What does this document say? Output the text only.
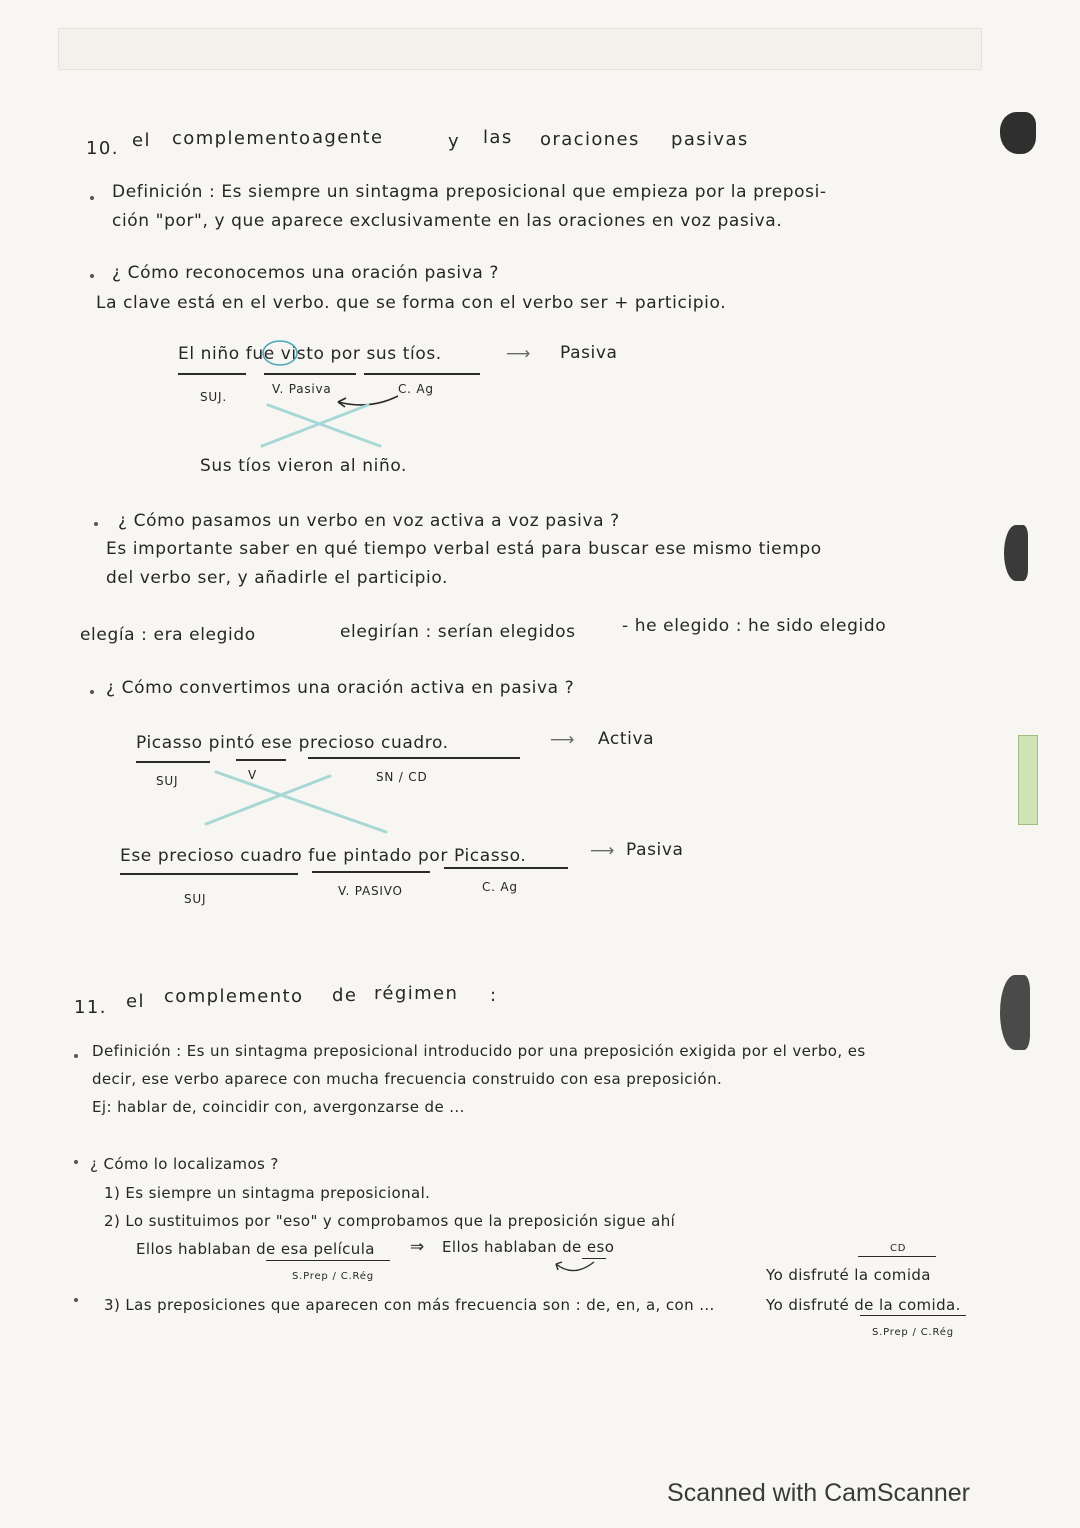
10. el complemento agente	y las oraciones pasivas
Definición : Es siempre un sintagma preposicional que empieza por la preposi-
ción "por", y que aparece exclusivamente en las oraciones en voz pasiva.
¿ Cómo reconocemos una oración pasiva ?
La clave está en el verbo. que se forma con el verbo ser + participio.
El niño fue visto por sus tíos.	⟶ Pasiva
SUJ.
V. Pasiva	C. Ag
Sus tíos vieron al niño.
¿ Cómo pasamos un verbo en voz activa a voz pasiva ?
Es importante saber en qué tiempo verbal está para buscar ese mismo tiempo
del verbo ser, y añadirle el participio.
elegía : era elegido	elegirían : serían elegidos	- he elegido : he sido elegido
¿ Cómo convertimos una oración activa en pasiva ?
Picasso pintó ese precioso cuadro.	⟶ Activa
SUJ	V	SN / CD
Ese precioso cuadro fue pintado por Picasso.	⟶ Pasiva
SUJ
V. PASIVO	C. Ag
11. el complemento de régimen :
Definición : Es un sintagma preposicional introducido por una preposición exigida por el verbo, es
decir, ese verbo aparece con mucha frecuencia construido con esa preposición.
Ej: hablar de, coincidir con, avergonzarse de ...
¿ Cómo lo localizamos ?
1) Es siempre un sintagma preposicional.
2) Lo sustituimos por "eso" y comprobamos que la preposición sigue ahí
Ellos hablaban de esa película ⇒ Ellos hablaban de eso
S.Prep / C.Rég
3) Las preposiciones que aparecen con más frecuencia son : de, en, a, con ...
CD
Yo disfruté la comida
Yo disfruté de la comida.
S.Prep / C.Rég
Scanned with CamScanner
